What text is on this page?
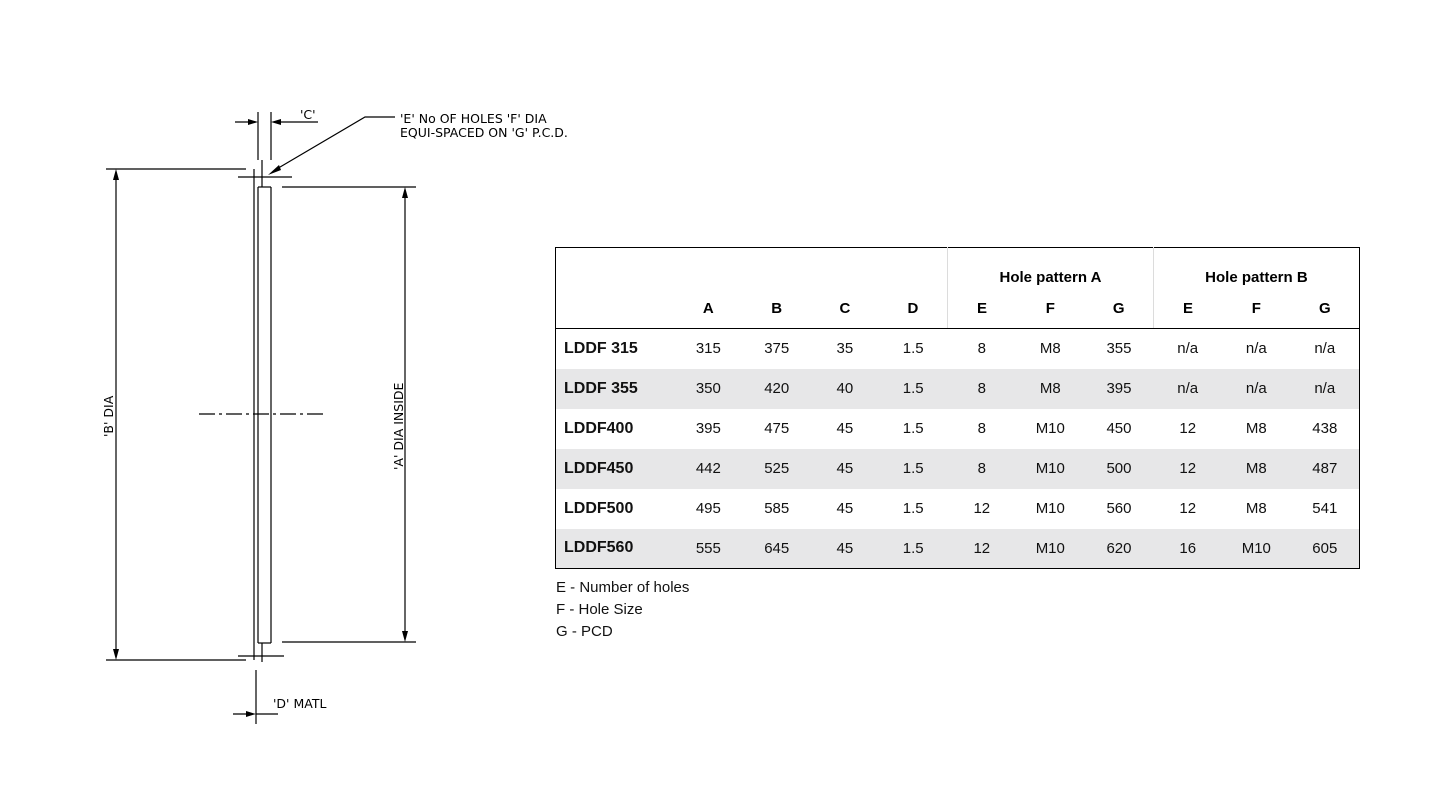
'C'	'E' No OF HOLES 'F' DIA
EQUI-SPACED ON 'G' P.C.D.
'A' DIA INSIDE
'B' DIA
'D' MATL
					Hole pattern A			Hole pattern B		
	A	B	C	D	E	F	G	E	F	G
LDDF 315	315	375	35	1.5	8	M8	355	n/a	n/a	n/a
LDDF 355	350	420	40	1.5	8	M8	395	n/a	n/a	n/a
LDDF400	395	475	45	1.5	8	M10	450	12	M8	438
LDDF450	442	525	45	1.5	8	M10	500	12	M8	487
LDDF500	495	585	45	1.5	12	M10	560	12	M8	541
LDDF560	555	645	45	1.5	12	M10	620	16	M10	605
E - Number of holes
F - Hole Size
G - PCD
